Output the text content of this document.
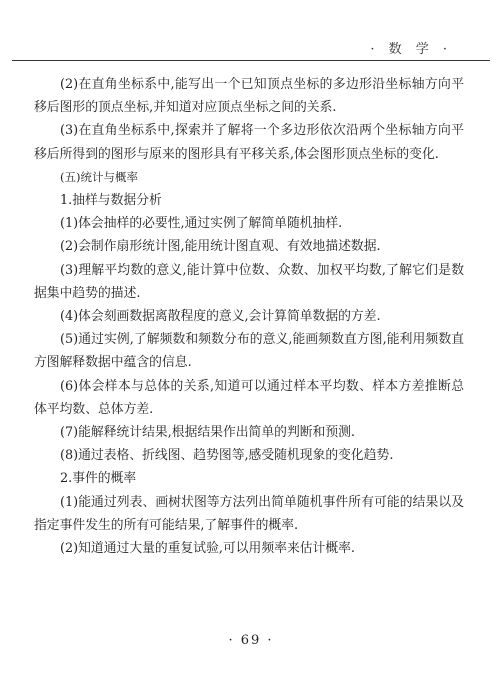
· 数 学 ·

(2)在直角坐标系中,能写出一个已知顶点坐标的多边形沿坐标轴方向平移后图形的顶点坐标,并知道对应顶点坐标之间的关系.

(3)在直角坐标系中,探索并了解将一个多边形依次沿两个坐标轴方向平移后所得到的图形与原来的图形具有平移关系,体会图形顶点坐标的变化.

(五)统计与概率

1.抽样与数据分析

(1)体会抽样的必要性,通过实例了解简单随机抽样.

(2)会制作扇形统计图,能用统计图直观、有效地描述数据.

(3)理解平均数的意义,能计算中位数、众数、加权平均数,了解它们是数据集中趋势的描述.

(4)体会刻画数据离散程度的意义,会计算简单数据的方差.

(5)通过实例,了解频数和频数分布的意义,能画频数直方图,能利用频数直方图解释数据中蕴含的信息.

(6)体会样本与总体的关系,知道可以通过样本平均数、样本方差推断总体平均数、总体方差.

(7)能解释统计结果,根据结果作出简单的判断和预测.

(8)通过表格、折线图、趋势图等,感受随机现象的变化趋势.

2.事件的概率

(1)能通过列表、画树状图等方法列出简单随机事件所有可能的结果以及指定事件发生的所有可能结果,了解事件的概率.

(2)知道通过大量的重复试验,可以用频率来估计概率.

· 69 ·
